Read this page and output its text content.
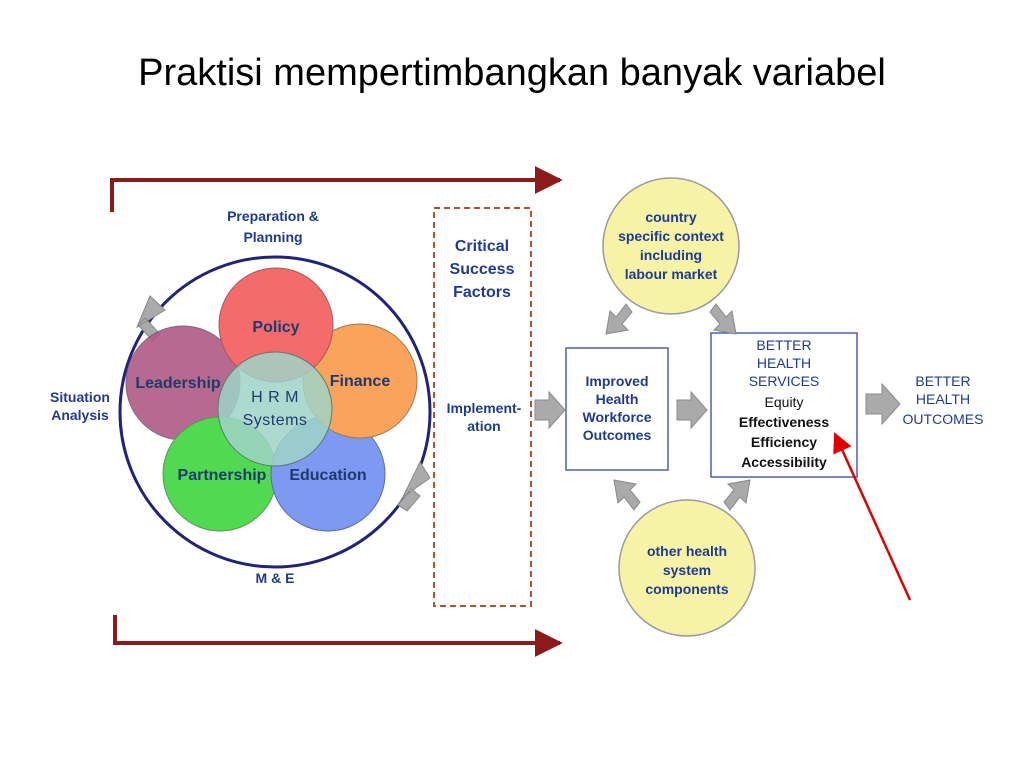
Praktisi mempertimbangkan banyak variabel
Preparation &
Planning
Situation
Analysis
M & E
Policy
Finance
Leadership
Partnership Education
H R M
Systems
Critical
Success
Factors
Implement-
ation
Improved
Health
Workforce
Outcomes
BETTER
HEALTH
SERVICES
Equity
Effectiveness
Efficiency
Accessibility
BETTER
HEALTH
OUTCOMES
country
specific context
including
labour market
other health
system
components
